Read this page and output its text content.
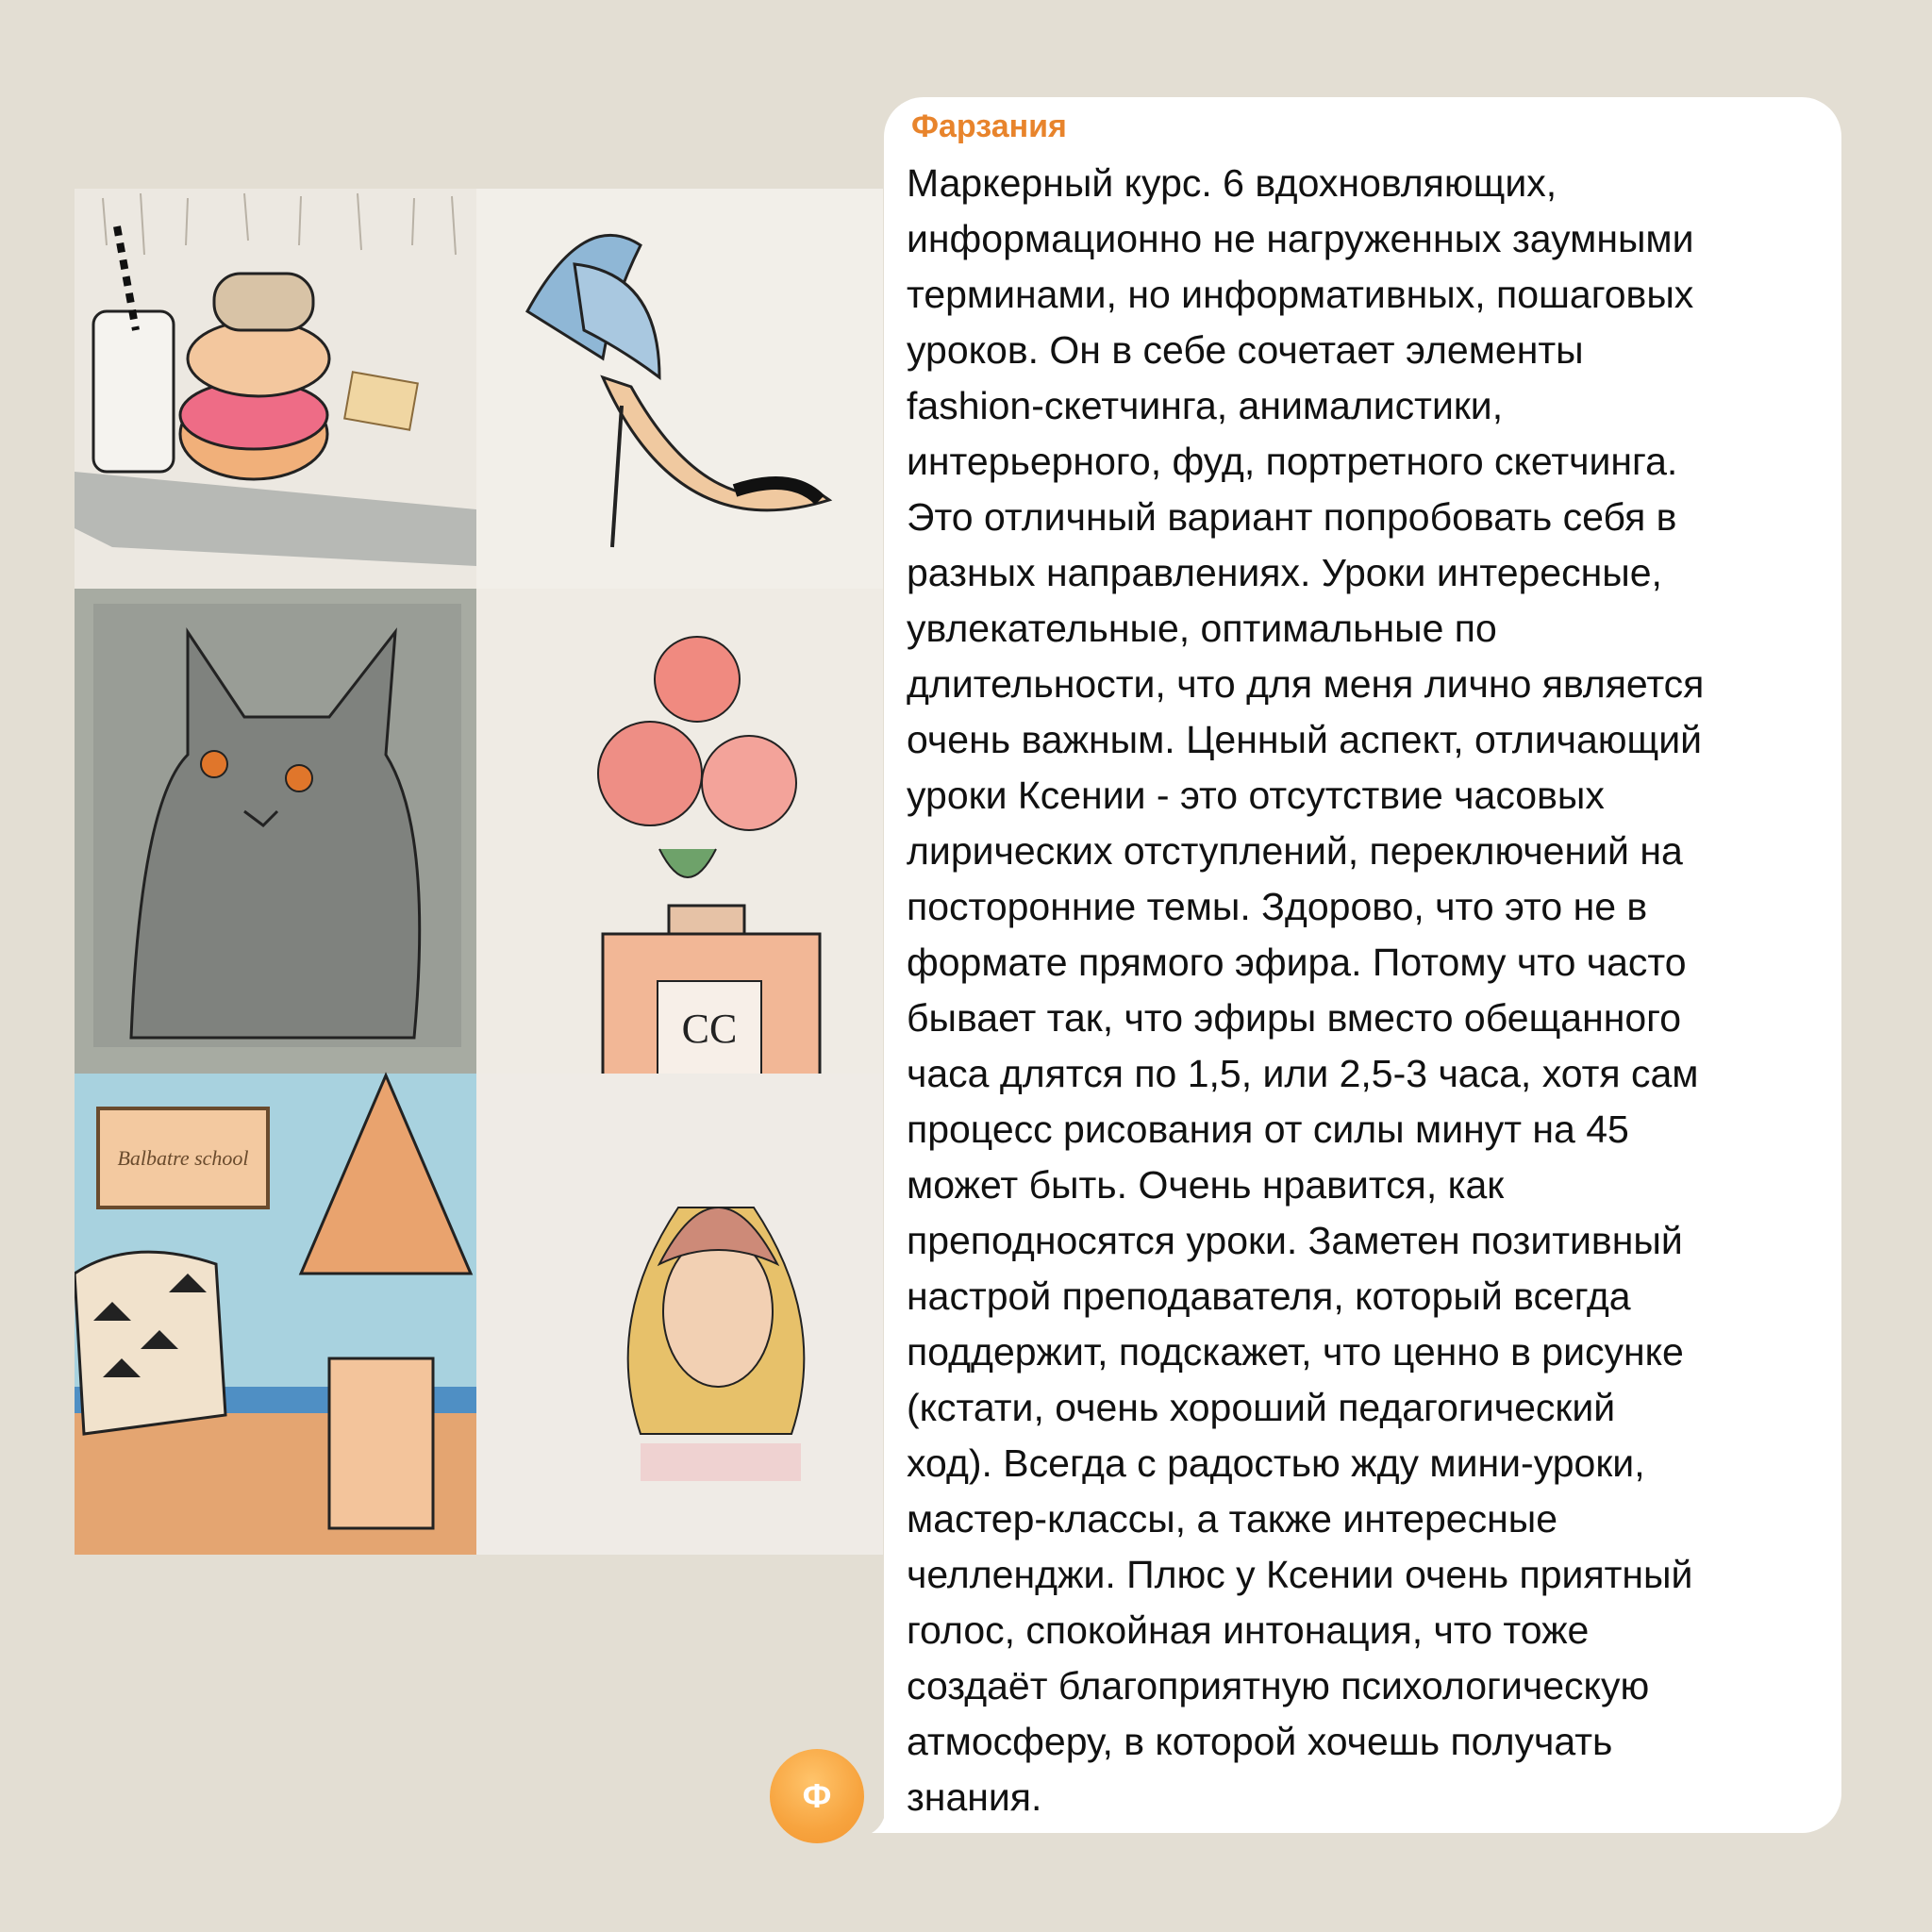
CC
Balbatre school
Фарзания
Маркерный курс. 6 вдохновляющих,
информационно не нагруженных заумными
терминами, но информативных, пошаговых
уроков. Он в себе сочетает элементы
fashion-скетчинга, анималистики,
интерьерного, фуд, портретного скетчинга.
Это отличный вариант попробовать себя в
разных направлениях. Уроки интересные,
увлекательные, оптимальные по
длительности, что для меня лично является
очень важным. Ценный аспект, отличающий
уроки Ксении - это отсутствие часовых
лирических отступлений, переключений на
посторонние темы. Здорово, что это не в
формате прямого эфира. Потому что часто
бывает так, что эфиры вместо обещанного
часа длятся по 1,5, или 2,5-3 часа, хотя сам
процесс рисования от силы минут на 45
может быть. Очень нравится, как
преподносятся уроки. Заметен позитивный
настрой преподавателя, который всегда
поддержит, подскажет, что ценно в рисунке
(кстати, очень хороший педагогический
ход). Всегда с радостью жду мини-уроки,
мастер-классы, а также интересные
челленджи. Плюс у Ксении очень приятный
голос, спокойная интонация, что тоже
создаёт благоприятную психологическую
атмосферу, в которой хочешь получать
знания.
Ф
